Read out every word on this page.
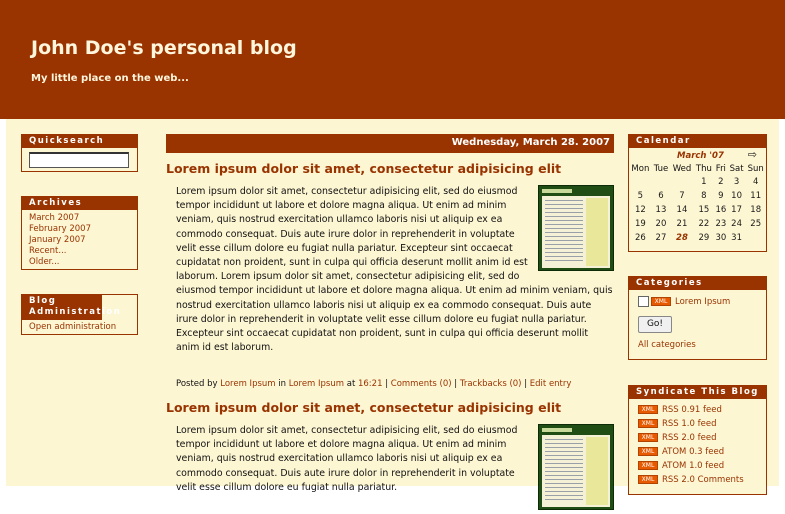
John Doe's personal blog
My little place on the web...
Quicksearch
Archives
March 2007
February 2007
January 2007
Recent...
Older...
Blog Administration
Open administration
Wednesday, March 28. 2007
Lorem ipsum dolor sit amet, consectetur adipisicing elit
Lorem ipsum dolor sit amet, consectetur adipisicing elit, sed do eiusmod tempor incididunt ut labore et dolore magna aliqua. Ut enim ad minim veniam, quis nostrud exercitation ullamco laboris nisi ut aliquip ex ea commodo consequat. Duis aute irure dolor in reprehenderit in voluptate velit esse cillum dolore eu fugiat nulla pariatur. Excepteur sint occaecat cupidatat non proident, sunt in culpa qui officia deserunt mollit anim id est laborum. Lorem ipsum dolor sit amet, consectetur adipisicing elit, sed do eiusmod tempor incididunt ut labore et dolore magna aliqua. Ut enim ad minim veniam, quis nostrud exercitation ullamco laboris nisi ut aliquip ex ea commodo consequat. Duis aute irure dolor in reprehenderit in voluptate velit esse cillum dolore eu fugiat nulla pariatur. Excepteur sint occaecat cupidatat non proident, sunt in culpa qui officia deserunt mollit anim id est laborum.
Posted by Lorem Ipsum in Lorem Ipsum at 16:21 | Comments (0) | Trackbacks (0) | Edit entry
Lorem ipsum dolor sit amet, consectetur adipisicing elit
Lorem ipsum dolor sit amet, consectetur adipisicing elit, sed do eiusmod tempor incididunt ut labore et dolore magna aliqua. Ut enim ad minim veniam, quis nostrud exercitation ullamco laboris nisi ut aliquip ex ea commodo consequat. Duis aute irure dolor in reprehenderit in voluptate velit esse cillum dolore eu fugiat nulla pariatur.
Calendar
March '07 ⇨
Mon	Tue	Wed	Thu	Fri	Sat	Sun
			1	2	3	4
5	6	7	8	9	10	11
12	13	14	15	16	17	18
19	20	21	22	23	24	25
26	27	28	29	30	31	
Categories
XML Lorem Ipsum
Go!
All categories
Syndicate This Blog
XML RSS 0.91 feed
XML RSS 1.0 feed
XML RSS 2.0 feed
XML ATOM 0.3 feed
XML ATOM 1.0 feed
XML RSS 2.0 Comments
